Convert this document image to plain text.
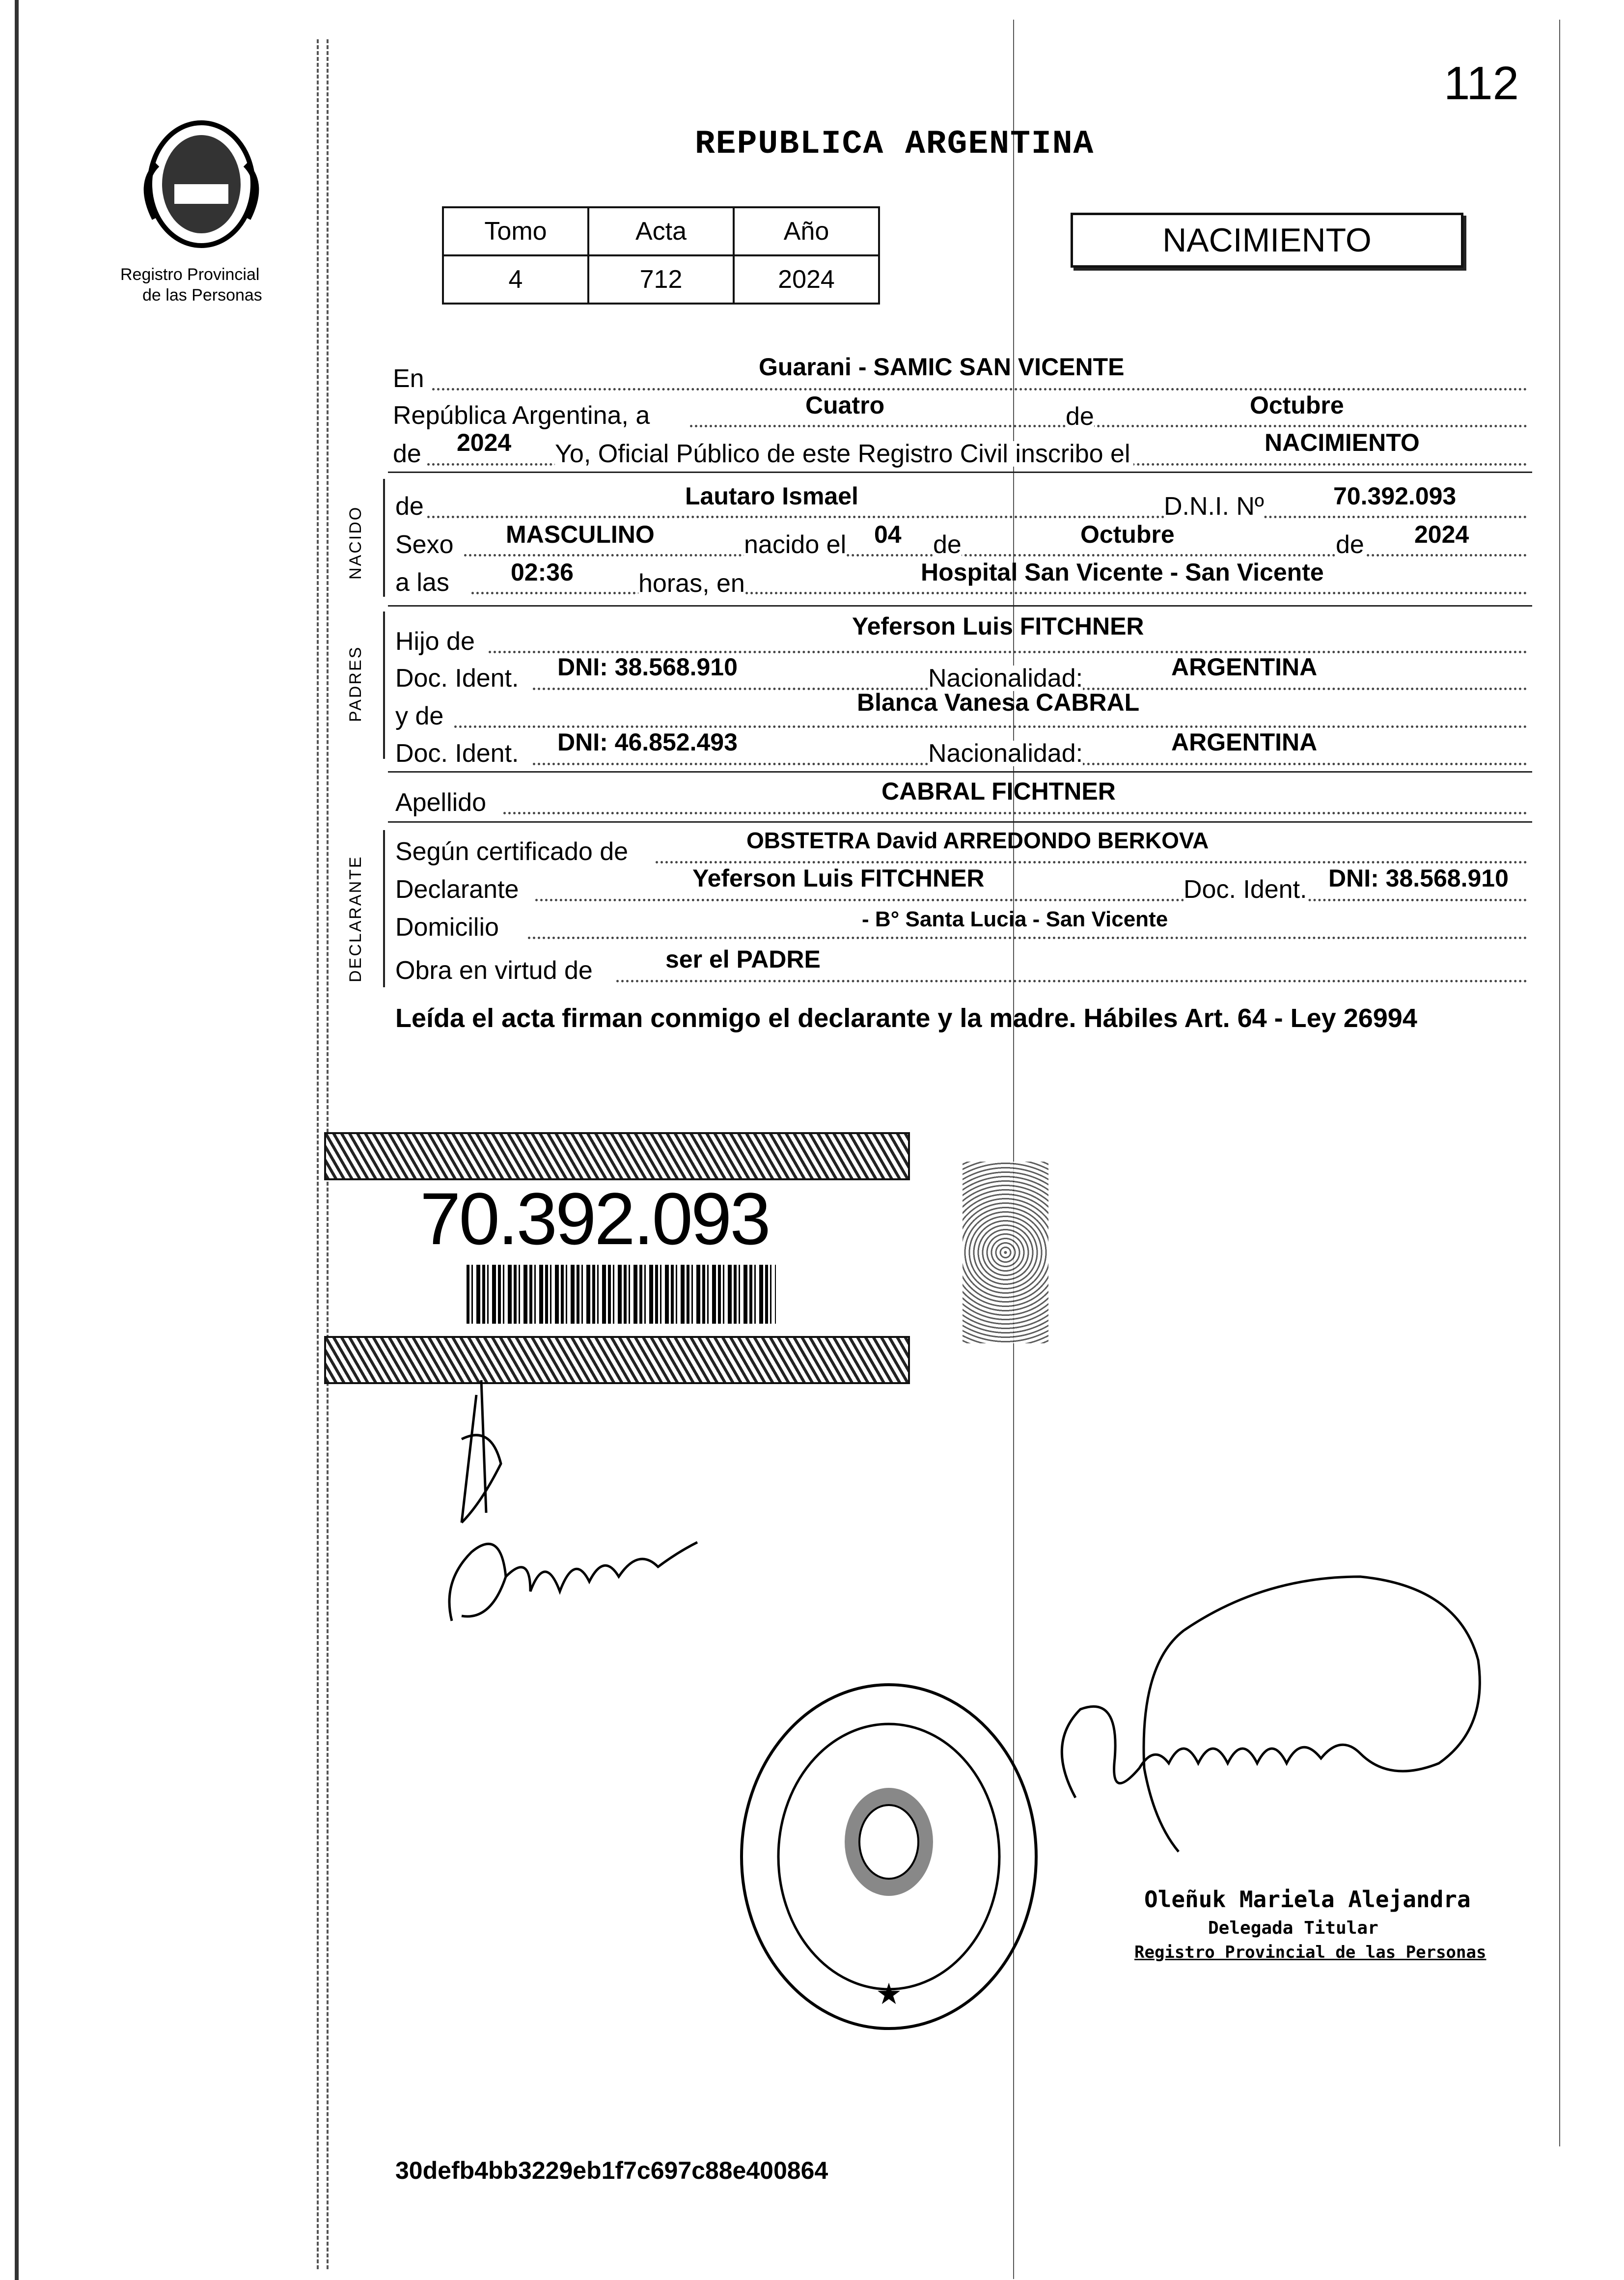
112
Registro Provincial
de las Personas
REPUBLICA ARGENTINA
Tomo	Acta	Año
4	712	2024
NACIMIENTO
En	Guarani - SAMIC SAN VICENTE
República Argentina, a	Cuatro	de	Octubre
de 2024 Yo, Oficial Público de este Registro Civil inscribo el	NACIMIENTO
NACIDO de	Lautaro Ismael	D.N.I. Nº	70.392.093
Sexo MASCULINO	nacido el 04 de	Octubre	de 2024
a las	02:36	horas, en	Hospital San Vicente - San Vicente
PADRES
Hijo de
Yeferson Luis FITCHNER
Doc. Ident. DNI: 38.568.910	Nacionalidad:	ARGENTINA
y de	Blanca Vanesa CABRAL
Doc. Ident. DNI: 46.852.493	Nacionalidad:	ARGENTINA
Apellido	CABRAL FICHTNER
DECLARANTE
Según certificado de	OBSTETRA David ARREDONDO BERKOVA
Declarante	Yeferson Luis FITCHNER	Doc. Ident. DNI: 38.568.910
Domicilio	- B° Santa Lucia - San Vicente
Obra en virtud de	ser el PADRE
Leída el acta firman conmigo el declarante y la madre. Hábiles Art. 64 - Ley 26994
70.392.093
★
Oleñuk Mariela Alejandra
Delegada Titular
Registro Provincial de las Personas
30defb4bb3229eb1f7c697c88e400864
